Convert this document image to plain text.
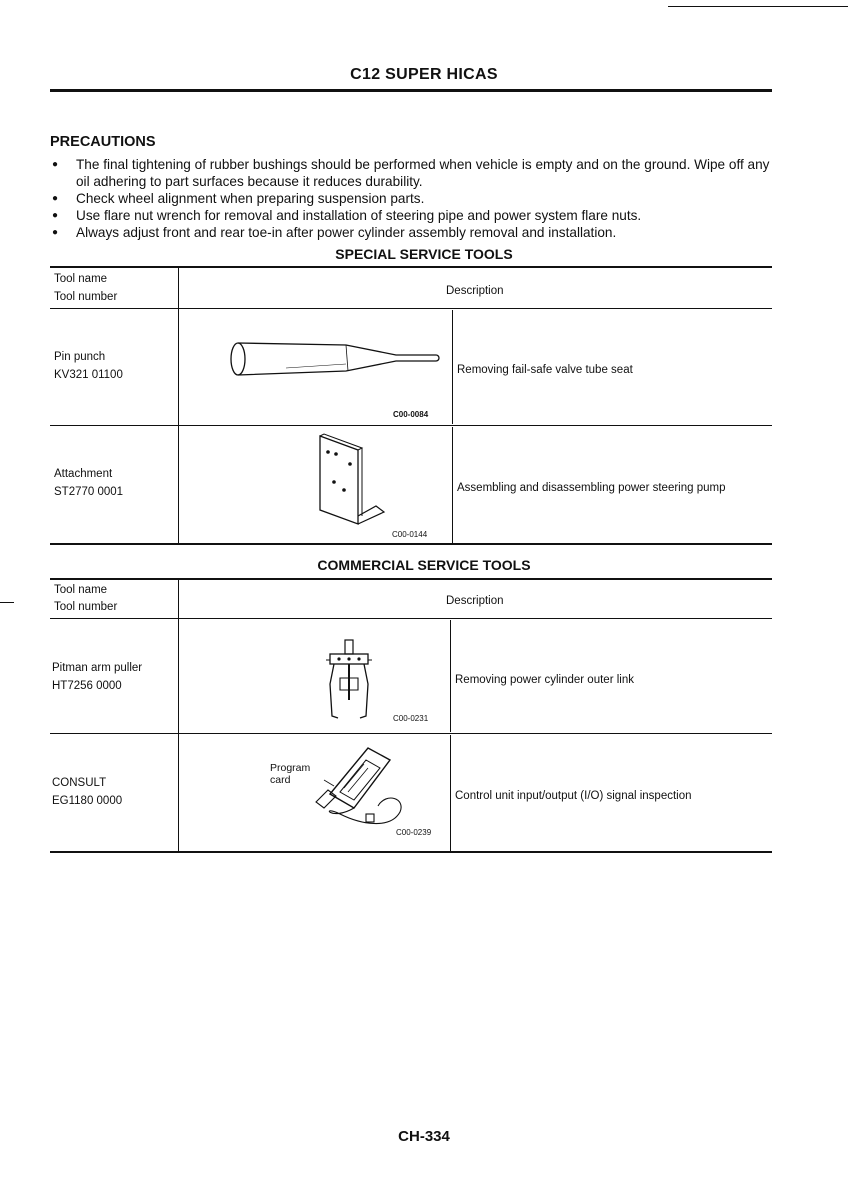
C12 SUPER HICAS
PRECAUTIONS
● The final tightening of rubber bushings should be performed when vehicle is empty and on the ground. Wipe off any oil adhering to part surfaces because it reduces durability.
● Check wheel alignment when preparing suspension parts.
● Use flare nut wrench for removal and installation of steering pipe and power system flare nuts.
● Always adjust front and rear toe-in after power cylinder assembly removal and installation.
SPECIAL SERVICE TOOLS
Tool name
Tool number	Description
Pin punch
KV321 01100
C00-0084
Removing fail-safe valve tube seat
Attachment
ST2770 0001
C00-0144
Assembling and disassembling power steering pump
COMMERCIAL SERVICE TOOLS
Tool name
Tool number	Description
Pitman arm puller
HT7256 0000
C00-0231
Removing power cylinder outer link
CONSULT
EG1180 0000
Program
card
C00-0239
Control unit input/output (I/O) signal inspection
CH-334
